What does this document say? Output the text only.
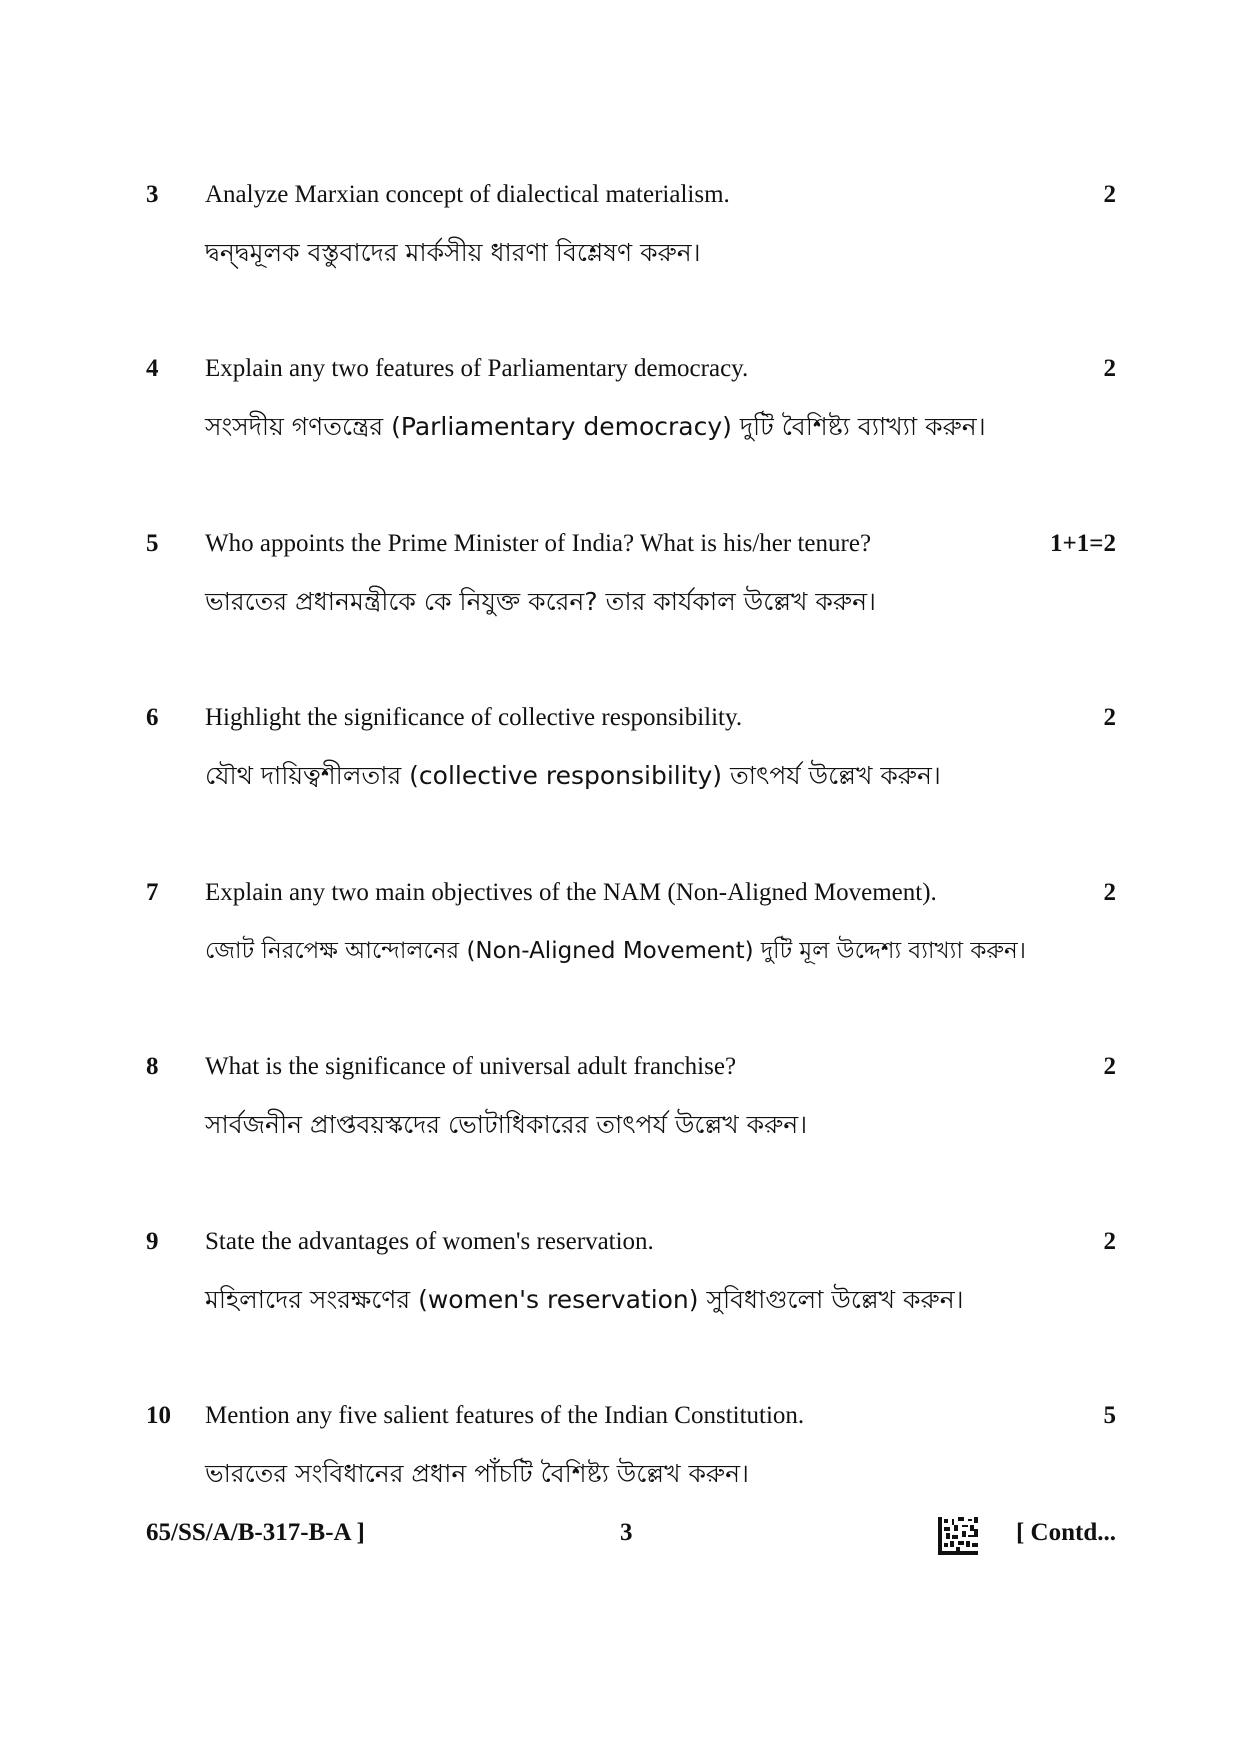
3 Analyze Marxian concept of dialectical materialism.	2
দ্বন্দ্বমূলক বস্তুবাদের মার্কসীয় ধারণা বিশ্লেষণ করুন।
4 Explain any two features of Parliamentary democracy.	2
সংসদীয় গণতন্ত্রের (Parliamentary democracy) দুটি বৈশিষ্ট্য ব্যাখ্যা করুন।
5 Who appoints the Prime Minister of India? What is his/her tenure?	1+1=2
ভারতের প্রধানমন্ত্রীকে কে নিযুক্ত করেন? তার কার্যকাল উল্লেখ করুন।
6 Highlight the significance of collective responsibility.	2
যৌথ দায়িত্বশীলতার (collective responsibility) তাৎপর্য উল্লেখ করুন।
7 Explain any two main objectives of the NAM (Non-Aligned Movement).	2
জোট নিরপেক্ষ আন্দোলনের (Non-Aligned Movement) দুটি মূল উদ্দেশ্য ব্যাখ্যা করুন।
8 What is the significance of universal adult franchise?	2
সার্বজনীন প্রাপ্তবয়স্কদের ভোটাধিকারের তাৎপর্য উল্লেখ করুন।
9 State the advantages of women's reservation.	2
মহিলাদের সংরক্ষণের (women's reservation) সুবিধাগুলো উল্লেখ করুন।
10 Mention any five salient features of the Indian Constitution.	5
ভারতের সংবিধানের প্রধান পাঁচটি বৈশিষ্ট্য উল্লেখ করুন।
65/SS/A/B-317-B-A ]	3	[ Contd...
